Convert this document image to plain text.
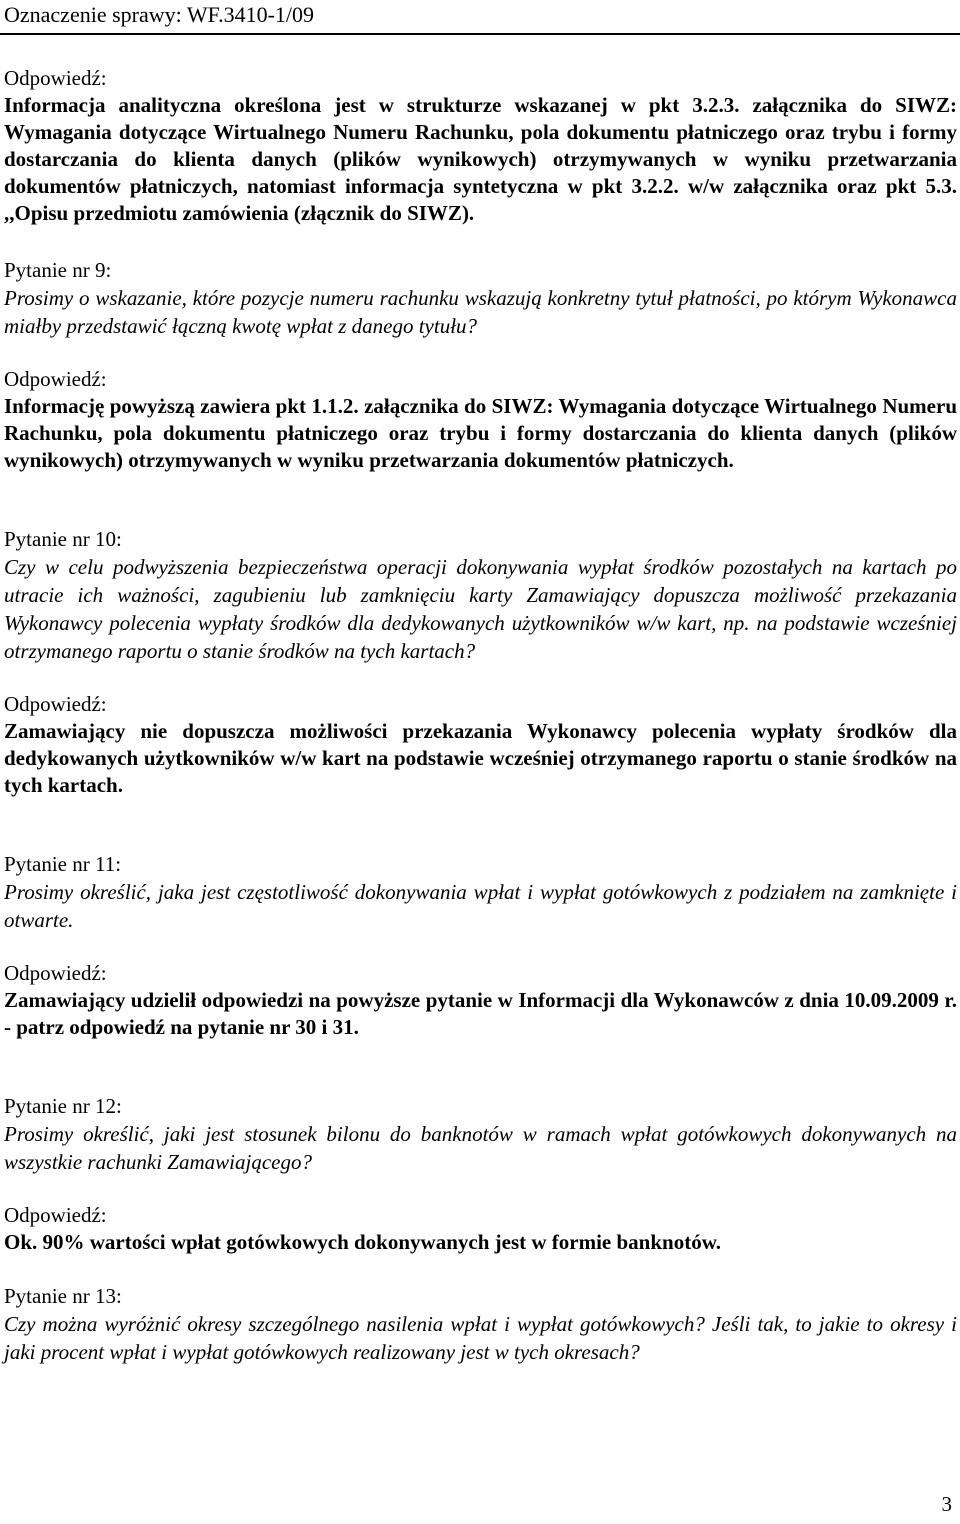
Oznaczenie sprawy: WF.3410-1/09

Odpowiedź:

Informacja analityczna określona jest w strukturze wskazanej w pkt 3.2.3. załącznika do SIWZ: Wymagania dotyczące Wirtualnego Numeru Rachunku, pola dokumentu płatniczego oraz trybu i formy dostarczania do klienta danych (plików wynikowych) otrzymywanych w wyniku przetwarzania dokumentów płatniczych, natomiast informacja syntetyczna w pkt 3.2.2. w/w załącznika oraz pkt 5.3. ,,Opisu przedmiotu zamówienia (złącznik do SIWZ).

Pytanie nr 9:

Prosimy o wskazanie, które pozycje numeru rachunku wskazują konkretny tytuł płatności, po którym Wykonawca miałby przedstawić łączną kwotę wpłat z danego tytułu?

Odpowiedź:

Informację powyższą zawiera pkt 1.1.2. załącznika do SIWZ: Wymagania dotyczące Wirtualnego Numeru Rachunku, pola dokumentu płatniczego oraz trybu i formy dostarczania do klienta danych (plików wynikowych) otrzymywanych w wyniku przetwarzania dokumentów płatniczych.

Pytanie nr 10:

Czy w celu podwyższenia bezpieczeństwa operacji dokonywania wypłat środków pozostałych na kartach po utracie ich ważności, zagubieniu lub zamknięciu karty Zamawiający dopuszcza możliwość przekazania Wykonawcy polecenia wypłaty środków dla dedykowanych użytkowników w/w kart, np. na podstawie wcześniej otrzymanego raportu o stanie środków na tych kartach?

Odpowiedź:

Zamawiający nie dopuszcza możliwości przekazania Wykonawcy polecenia wypłaty środków dla dedykowanych użytkowników w/w kart na podstawie wcześniej otrzymanego raportu o stanie środków na tych kartach.

Pytanie nr 11:

Prosimy określić, jaka jest częstotliwość dokonywania wpłat i wypłat gotówkowych z podziałem na zamknięte i otwarte.

Odpowiedź:

Zamawiający udzielił odpowiedzi na powyższe pytanie w Informacji dla Wykonawców z dnia 10.09.2009 r. - patrz odpowiedź na pytanie nr 30 i 31.

Pytanie nr 12:

Prosimy określić, jaki jest stosunek bilonu do banknotów w ramach wpłat gotówkowych dokonywanych na wszystkie rachunki Zamawiającego?

Odpowiedź:

Ok. 90% wartości wpłat gotówkowych dokonywanych jest w formie banknotów.

Pytanie nr 13:

Czy można wyróżnić okresy szczególnego nasilenia wpłat i wypłat gotówkowych? Jeśli tak, to jakie to okresy i jaki procent wpłat i wypłat gotówkowych realizowany jest w tych okresach?

3
